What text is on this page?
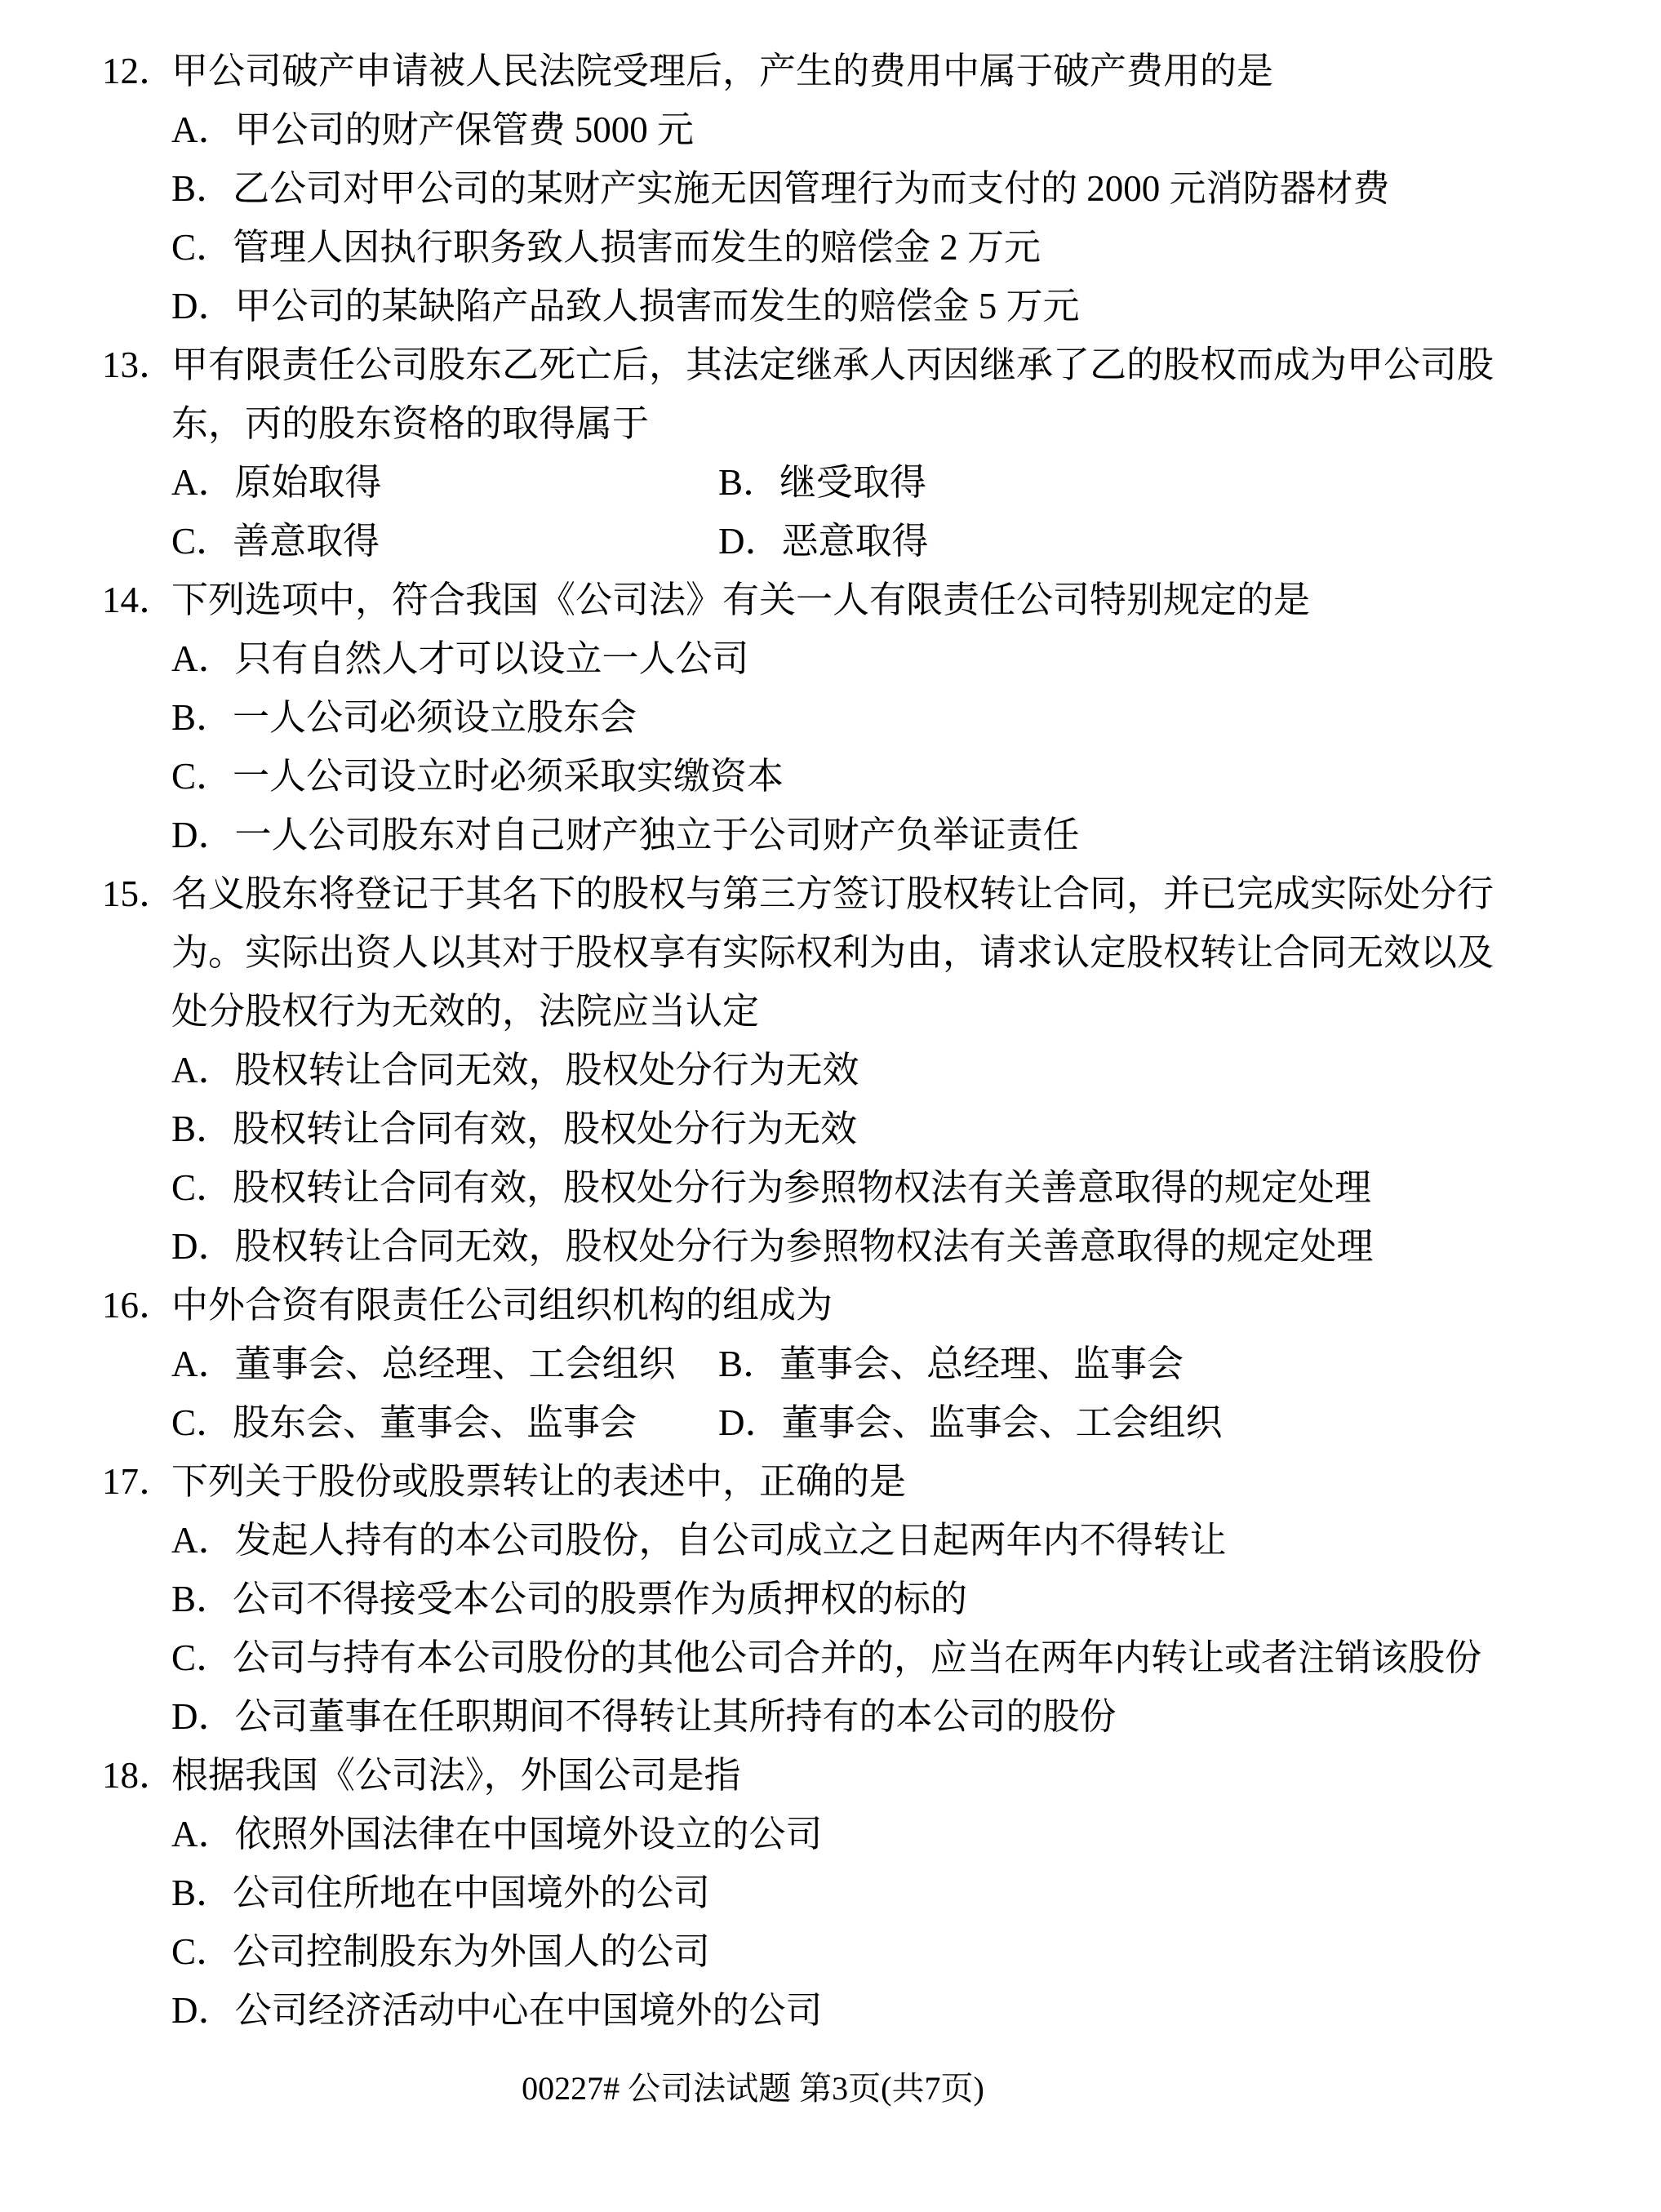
12．甲公司破产申请被人民法院受理后，产生的费用中属于破产费用的是
A．甲公司的财产保管费 5000 元
B．乙公司对甲公司的某财产实施无因管理行为而支付的 2000 元消防器材费
C．管理人因执行职务致人损害而发生的赔偿金 2 万元
D．甲公司的某缺陷产品致人损害而发生的赔偿金 5 万元
13．甲有限责任公司股东乙死亡后，其法定继承人丙因继承了乙的股权而成为甲公司股
东，丙的股东资格的取得属于
A．原始取得	B．继受取得
C．善意取得	D．恶意取得
14．下列选项中，符合我国《公司法》有关一人有限责任公司特别规定的是
A．只有自然人才可以设立一人公司
B．一人公司必须设立股东会
C．一人公司设立时必须采取实缴资本
D．一人公司股东对自己财产独立于公司财产负举证责任
15．名义股东将登记于其名下的股权与第三方签订股权转让合同，并已完成实际处分行
为。实际出资人以其对于股权享有实际权利为由，请求认定股权转让合同无效以及
处分股权行为无效的，法院应当认定
A．股权转让合同无效，股权处分行为无效
B．股权转让合同有效，股权处分行为无效
C．股权转让合同有效，股权处分行为参照物权法有关善意取得的规定处理
D．股权转让合同无效，股权处分行为参照物权法有关善意取得的规定处理
16．中外合资有限责任公司组织机构的组成为
A．董事会、总经理、工会组织 B．董事会、总经理、监事会
C．股东会、董事会、监事会 D．董事会、监事会、工会组织
17．下列关于股份或股票转让的表述中，正确的是
A．发起人持有的本公司股份，自公司成立之日起两年内不得转让
B．公司不得接受本公司的股票作为质押权的标的
C．公司与持有本公司股份的其他公司合并的，应当在两年内转让或者注销该股份
D．公司董事在任职期间不得转让其所持有的本公司的股份
18．根据我国《公司法》，外国公司是指
A．依照外国法律在中国境外设立的公司
B．公司住所地在中国境外的公司
C．公司控制股东为外国人的公司
D．公司经济活动中心在中国境外的公司
00227# 公司法试题 第3页(共7页)
